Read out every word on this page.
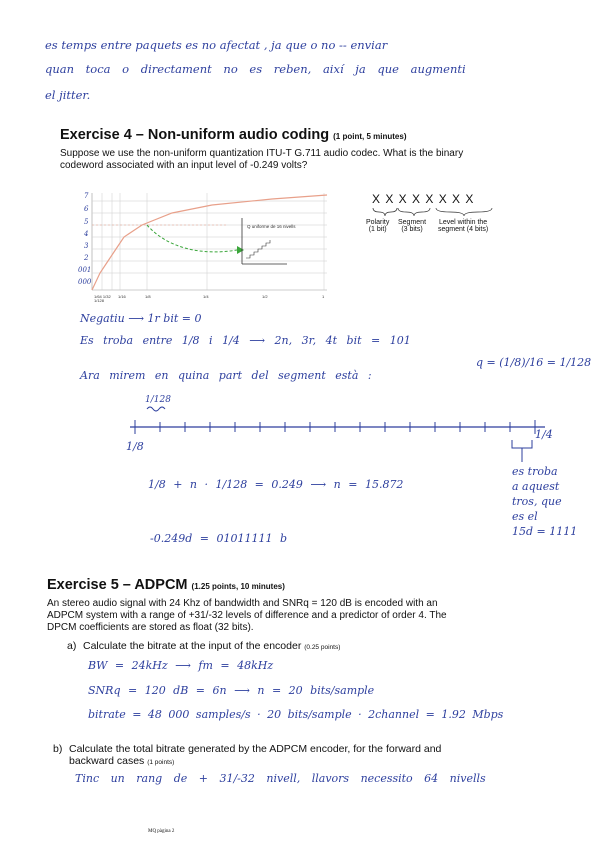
es temps entre paquets es no afectat , ja que o no -- enviar
quan toca o directament no es reben, així ja que augmenti
el jitter.
Exercise 4 – Non-uniform audio coding (1 point, 5 minutes)
Suppose we use the non-uniform quantization ITU-T G.711 audio codec. What is the binary
codeword associated with an input level of -0.249 volts?
Q uniforme de 16 nivells
1/64 1/32 1/16	1/8	1/4	1/2	1
1/128
7
6
5
4
3
2
001
000
X X X X X X X X
Polarity
(1 bit)
Segment
(3 bits)
Level within the
segment (4 bits)
Negatiu ⟶ 1r bit = 0
Es troba entre 1/8 i 1/4 ⟶ 2n, 3r, 4t bit = 101
Ara mirem en quina part del segment està :
q = (1/8)/16 = 1/128
1/128
1/8
1/4
es troba
a aquest
tros, que
es el
15d = 1111
1/8 + n · 1/128 = 0.249 ⟶ n = 15.872
-0.249d = 01011111 b
Exercise 5 – ADPCM (1.25 points, 10 minutes)
An stereo audio signal with 24 Khz of bandwidth and SNRq = 120 dB is encoded with an
ADPCM system with a range of +31/-32 levels of difference and a predictor of order 4. The
DPCM coefficients are stored as float (32 bits).
a) Calculate the bitrate at the input of the encoder (0.25 points)
BW = 24kHz ⟶ fm = 48kHz
SNRq = 120 dB = 6n ⟶ n = 20 bits/sample
bitrate = 48 000 samples/s · 20 bits/sample · 2channel = 1.92 Mbps
b) Calculate the total bitrate generated by the ADPCM encoder, for the forward and
backward cases (1 points)
Tinc un rang de + 31/-32 nivell, llavors necessito 64 nivells
MQ pàgina 2
